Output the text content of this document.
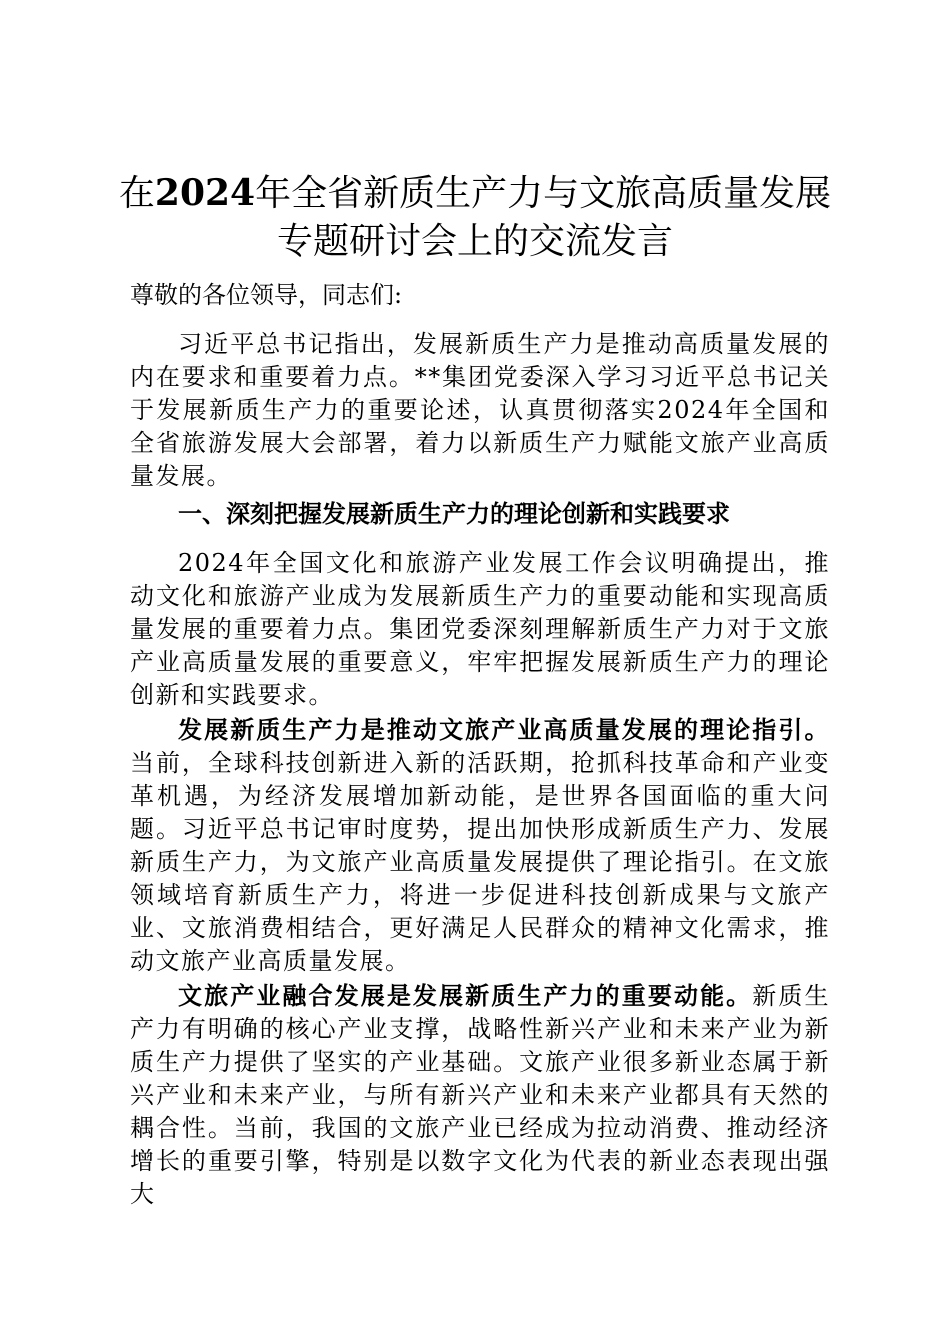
在2024年全省新质生产力与文旅高质量发展
专题研讨会上的交流发言

尊敬的各位领导，同志们:

习近平总书记指出，发展新质生产力是推动高质量发展的内在要求和重要着力点。**集团党委深入学习习近平总书记关于发展新质生产力的重要论述，认真贯彻落实2024年全国和全省旅游发展大会部署，着力以新质生产力赋能文旅产业高质量发展。

一、深刻把握发展新质生产力的理论创新和实践要求

2024年全国文化和旅游产业发展工作会议明确提出，推动文化和旅游产业成为发展新质生产力的重要动能和实现高质量发展的重要着力点。集团党委深刻理解新质生产力对于文旅产业高质量发展的重要意义，牢牢把握发展新质生产力的理论创新和实践要求。

发展新质生产力是推动文旅产业高质量发展的理论指引。当前，全球科技创新进入新的活跃期，抢抓科技革命和产业变革机遇，为经济发展增加新动能，是世界各国面临的重大问题。习近平总书记审时度势，提出加快形成新质生产力、发展新质生产力，为文旅产业高质量发展提供了理论指引。在文旅领域培育新质生产力，将进一步促进科技创新成果与文旅产业、文旅消费相结合，更好满足人民群众的精神文化需求，推动文旅产业高质量发展。

文旅产业融合发展是发展新质生产力的重要动能。新质生产力有明确的核心产业支撑，战略性新兴产业和未来产业为新质生产力提供了坚实的产业基础。文旅产业很多新业态属于新兴产业和未来产业，与所有新兴产业和未来产业都具有天然的耦合性。当前，我国的文旅产业已经成为拉动消费、推动经济增长的重要引擎，特别是以数字文化为代表的新业态表现出强大
